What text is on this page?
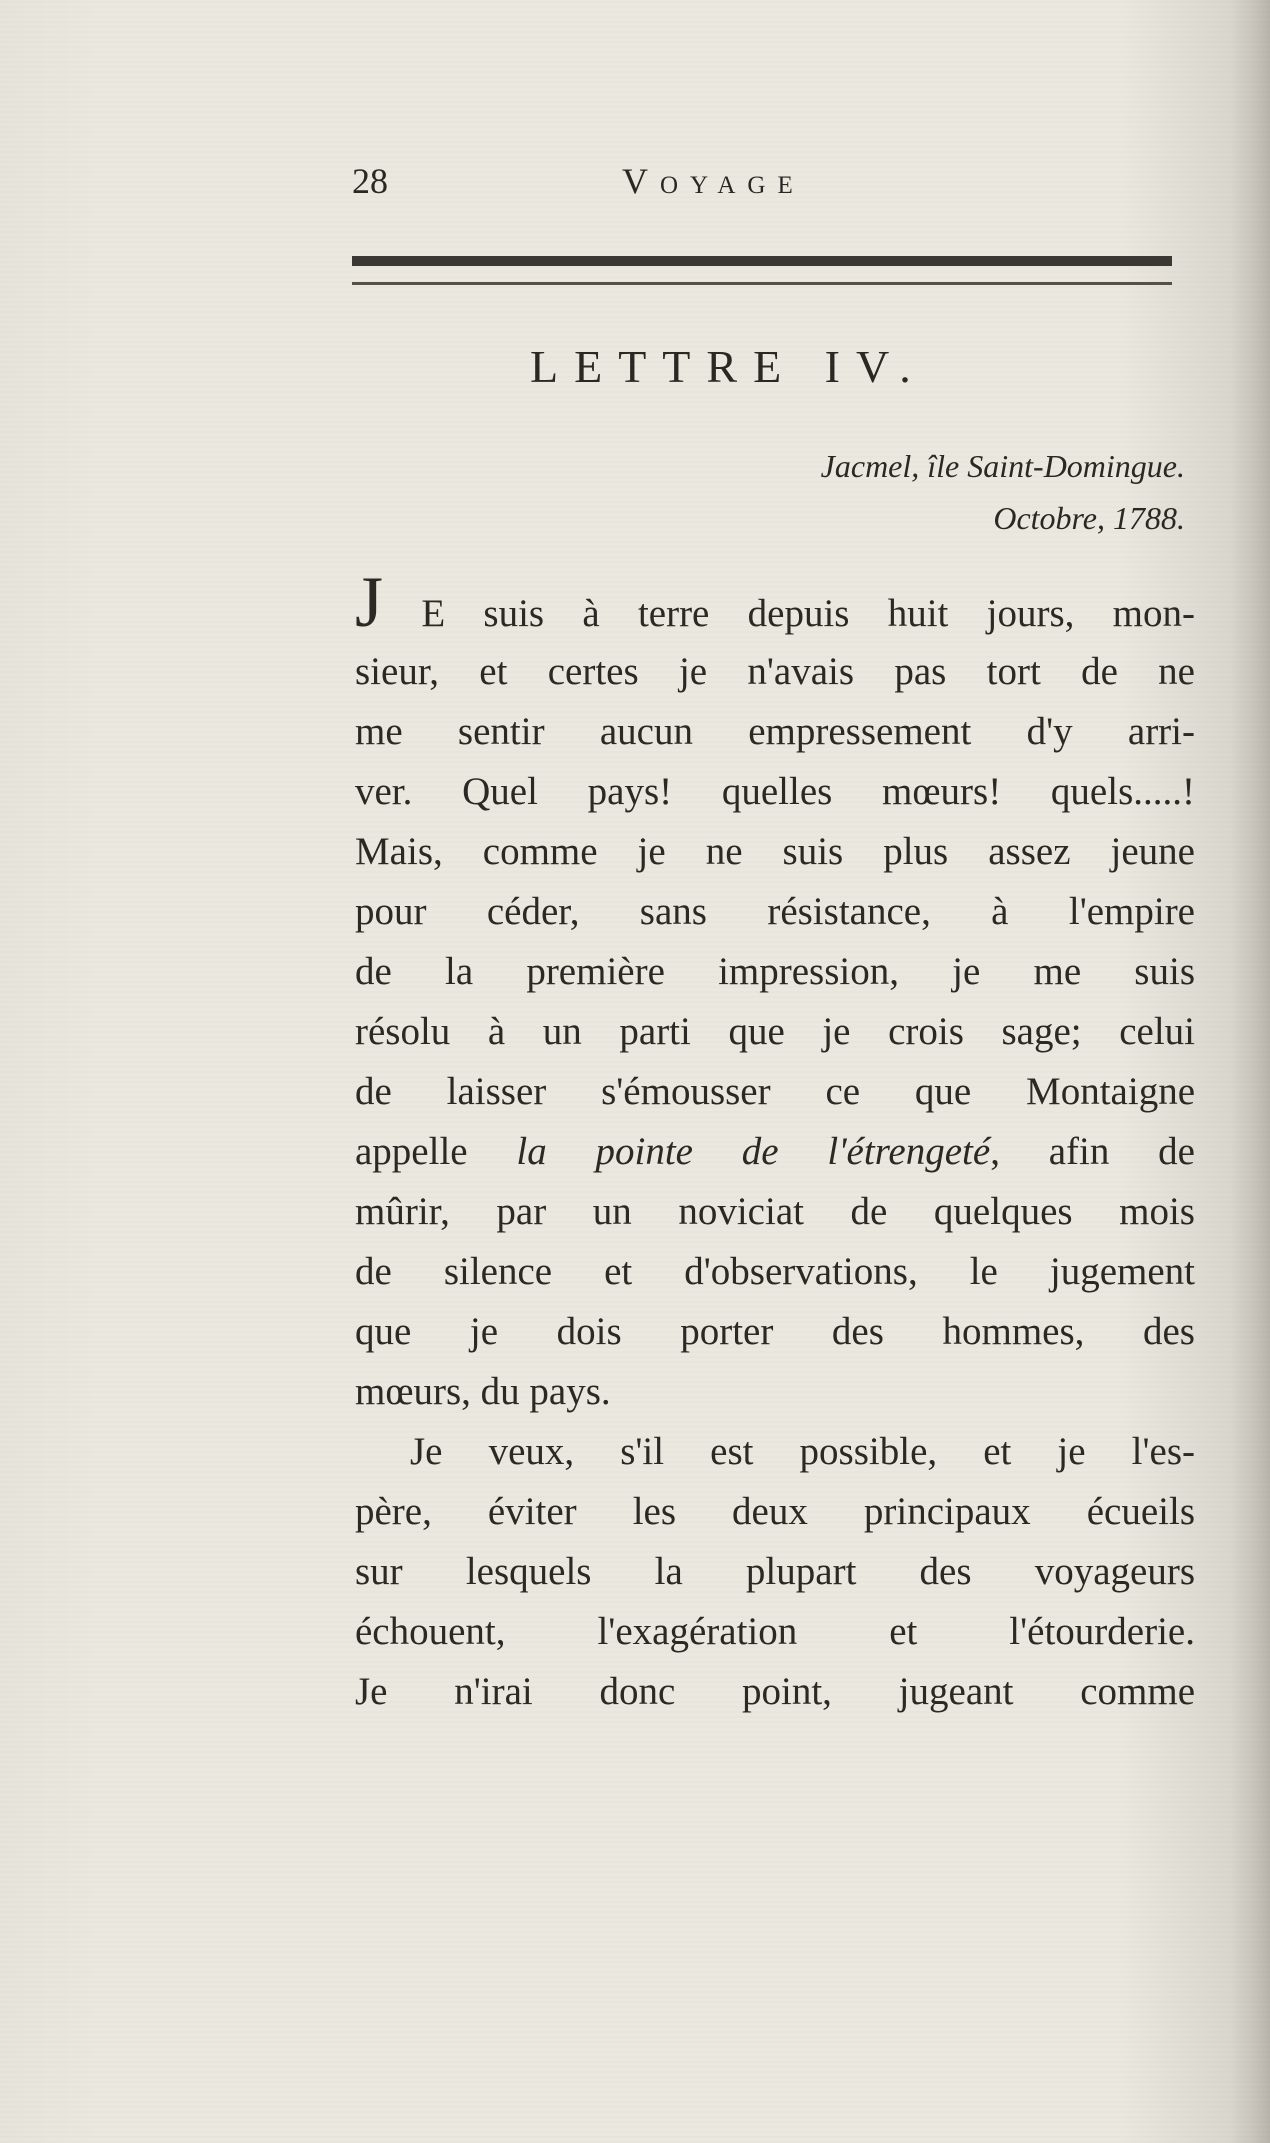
28	Voyage
LETTRE IV.
Jacmel, île Saint-Domingue.
Octobre, 1788.
J E suis à terre depuis huit jours, mon-
sieur, et certes je n'avais pas tort de ne
me sentir aucun empressement d'y arri-
ver. Quel pays! quelles mœurs! quels.....!
Mais, comme je ne suis plus assez jeune
pour céder, sans résistance, à l'empire
de la première impression, je me suis
résolu à un parti que je crois sage; celui
de laisser s'émousser ce que Montaigne
appelle la pointe de l'étrengeté, afin de
mûrir, par un noviciat de quelques mois
de silence et d'observations, le jugement
que je dois porter des hommes, des
mœurs, du pays.
Je veux, s'il est possible, et je l'es-
père, éviter les deux principaux écueils
sur lesquels la plupart des voyageurs
échouent, l'exagération et l'étourderie.
Je n'irai donc point, jugeant comme
